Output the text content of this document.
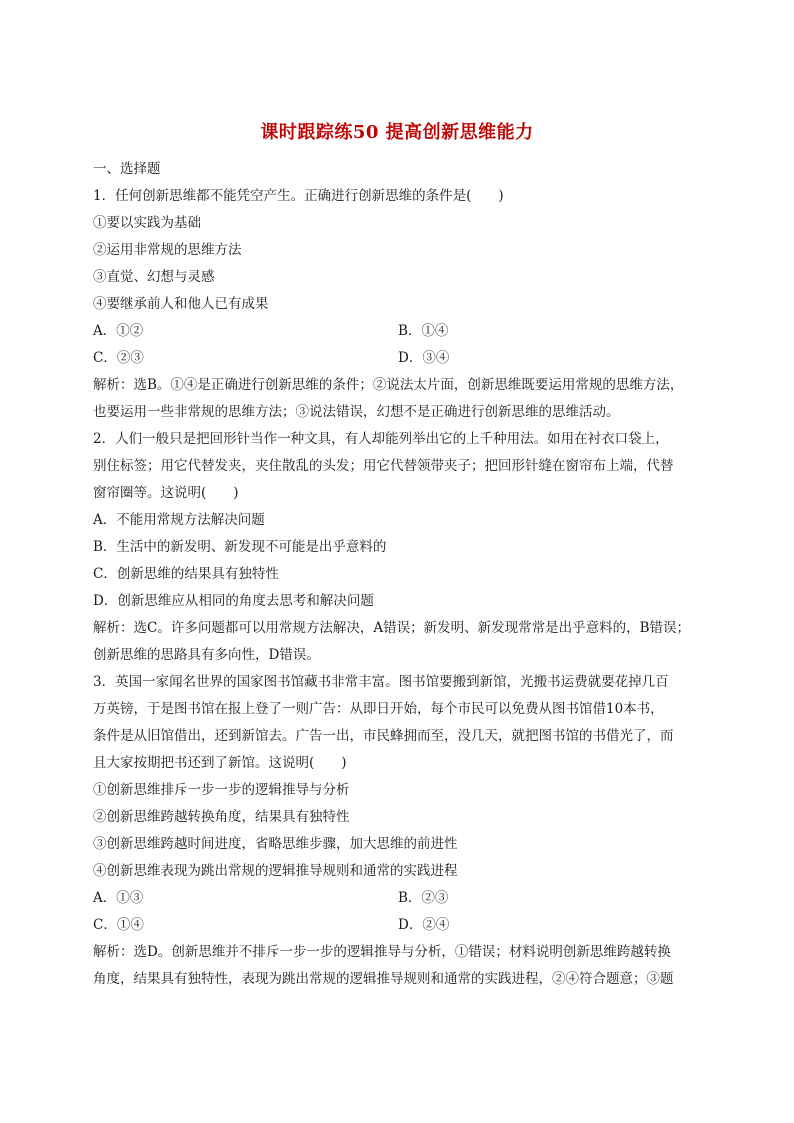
课时跟踪练50 提高创新思维能力
一、选择题
1．任何创新思维都不能凭空产生。正确进行创新思维的条件是(　　)
①要以实践为基础
②运用非常规的思维方法
③直觉、幻想与灵感
④要继承前人和他人已有成果
A．①②	B．①④
C．②③	D．③④
解析：选B。①④是正确进行创新思维的条件；②说法太片面，创新思维既要运用常规的思维方法，
也要运用一些非常规的思维方法；③说法错误，幻想不是正确进行创新思维的思维活动。
2．人们一般只是把回形针当作一种文具，有人却能列举出它的上千种用法。如用在衬衣口袋上，
别住标签；用它代替发夹，夹住散乱的头发；用它代替领带夹子；把回形针缝在窗帘布上端，代替
窗帘圈等。这说明(　　)
A．不能用常规方法解决问题
B．生活中的新发明、新发现不可能是出乎意料的
C．创新思维的结果具有独特性
D．创新思维应从相同的角度去思考和解决问题
解析：选C。许多问题都可以用常规方法解决，A错误；新发明、新发现常常是出乎意料的，B错误；
创新思维的思路具有多向性，D错误。
3．英国一家闻名世界的国家图书馆藏书非常丰富。图书馆要搬到新馆，光搬书运费就要花掉几百
万英镑，于是图书馆在报上登了一则广告：从即日开始，每个市民可以免费从图书馆借10本书，
条件是从旧馆借出，还到新馆去。广告一出，市民蜂拥而至，没几天，就把图书馆的书借光了，而
且大家按期把书还到了新馆。这说明(　　)
①创新思维排斥一步一步的逻辑推导与分析
②创新思维跨越转换角度，结果具有独特性
③创新思维跨越时间进度，省略思维步骤，加大思维的前进性
④创新思维表现为跳出常规的逻辑推导规则和通常的实践进程
A．①③	B．②③
C．①④	D．②④
解析：选D。创新思维并不排斥一步一步的逻辑推导与分析，①错误；材料说明创新思维跨越转换
角度，结果具有独特性，表现为跳出常规的逻辑推导规则和通常的实践进程，②④符合题意；③题
